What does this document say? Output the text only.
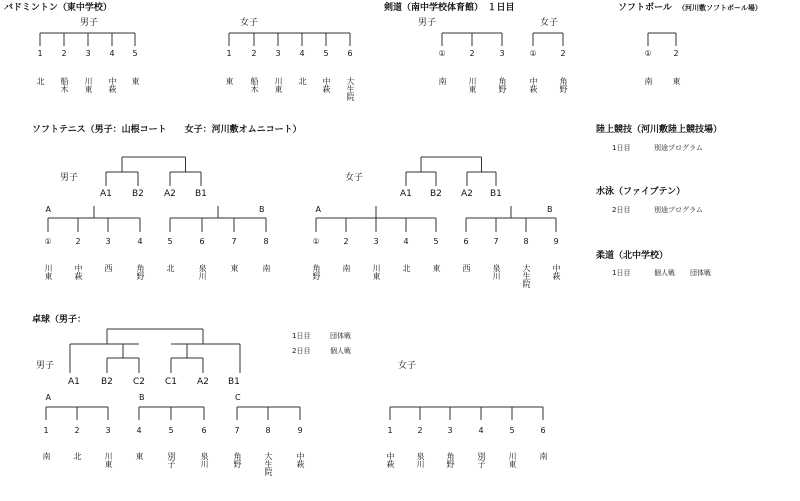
バドミントン（東中学校）
男子	女子
剣道（南中学校体育館）　１日目
男子	女子
ソフトボール （河川敷ソフトボール場）
ソフトテニス（男子：山根コート　　女子：河川敷オムニコート）
男子	女子
陸上競技（河川敷陸上競技場）
1日目	別途プログラム
水泳（ファイブテン）
2日目	別途プログラム
柔道（北中学校）
1日目	個人戦 団体戦
卓球（男子：
1日目	団体戦
2日目	個人戦
男子	女子
1
北
2
船木
3
川東
4
中萩
5
東
1
東
2
船木
3
川東
4
北
5
中萩
6
大生院
①
南
2
川東
3
角野
①
中萩
2
角野
①
南
2
東
A1 B2 A2 B1
A	B
①
川東
2
中萩
3
西
4
角野
5
北
6
泉川
7
東
8
南
A1 B2 A2 B1
A	B
①
角野
2
南
3
川東
4
北
5
東
6
西
7
泉川
8
大生院
9
中萩
A1 B2 C2 C1 A2 B1
A	B	C
1
南
2
北
3
川東
4
東
5
別子
6
泉川
7
角野
8
大生院
9
中萩
1
中萩
2
泉川
3
角野
4
別子
5
川東
6
南
